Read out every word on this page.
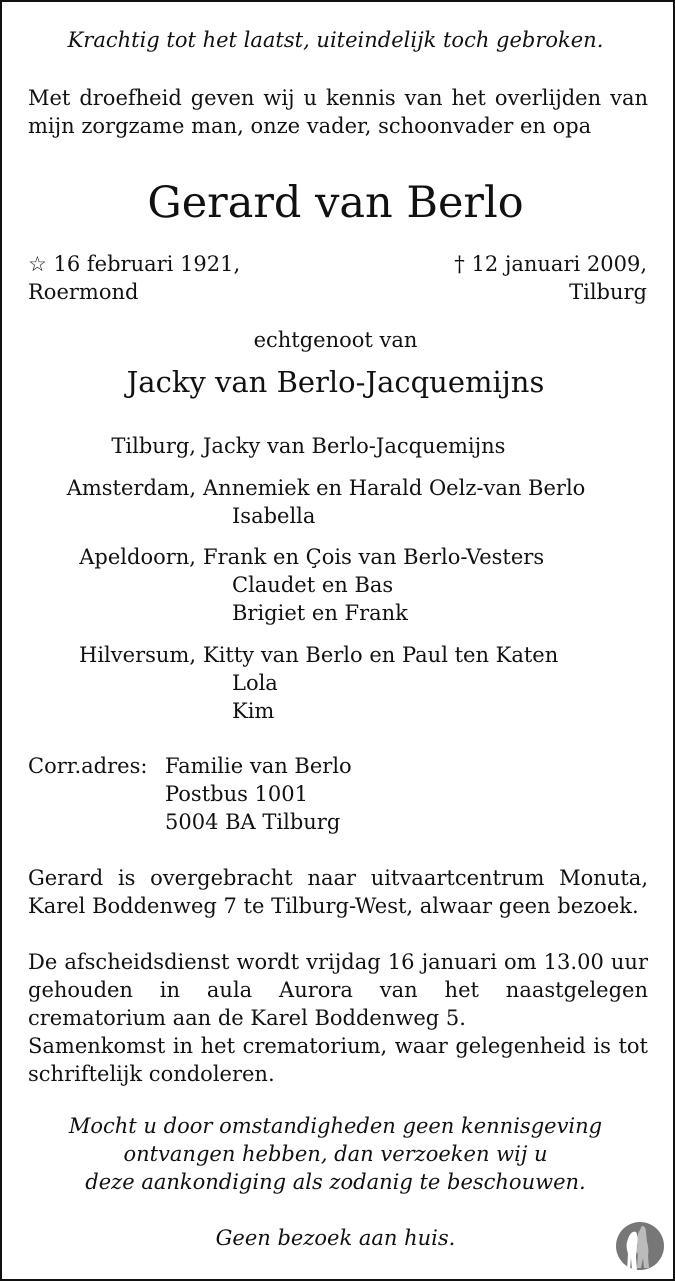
Krachtig tot het laatst, uiteindelijk toch gebroken.
Met droefheid geven wij u kennis van het overlijden van mijn zorgzame man, onze vader, schoonvader en opa
Gerard van Berlo
☆ 16 februari 1921,
Roermond
† 12 januari 2009,
Tilburg
echtgenoot van
Jacky van Berlo-Jacquemijns
Tilburg, Jacky van Berlo-Jacquemijns
Amsterdam, Annemiek en Harald Oelz-van Berlo
Isabella
Apeldoorn, Frank en Çois van Berlo-Vesters
Claudet en Bas
Brigiet en Frank
Hilversum, Kitty van Berlo en Paul ten Katen
Lola
Kim
Corr.adres: Familie van Berlo
Postbus 1001
5004 BA Tilburg
Gerard is overgebracht naar uitvaartcentrum Monuta, Karel Boddenweg 7 te Tilburg-West, alwaar geen bezoek.
De afscheidsdienst wordt vrijdag 16 januari om 13.00 uur gehouden in aula Aurora van het naastgelegen crematorium aan de Karel Boddenweg 5.
Samenkomst in het crematorium, waar gelegenheid is tot schriftelijk condoleren.
Mocht u door omstandigheden geen kennisgeving
ontvangen hebben, dan verzoeken wij u
deze aankondiging als zodanig te beschouwen.
Geen bezoek aan huis.
